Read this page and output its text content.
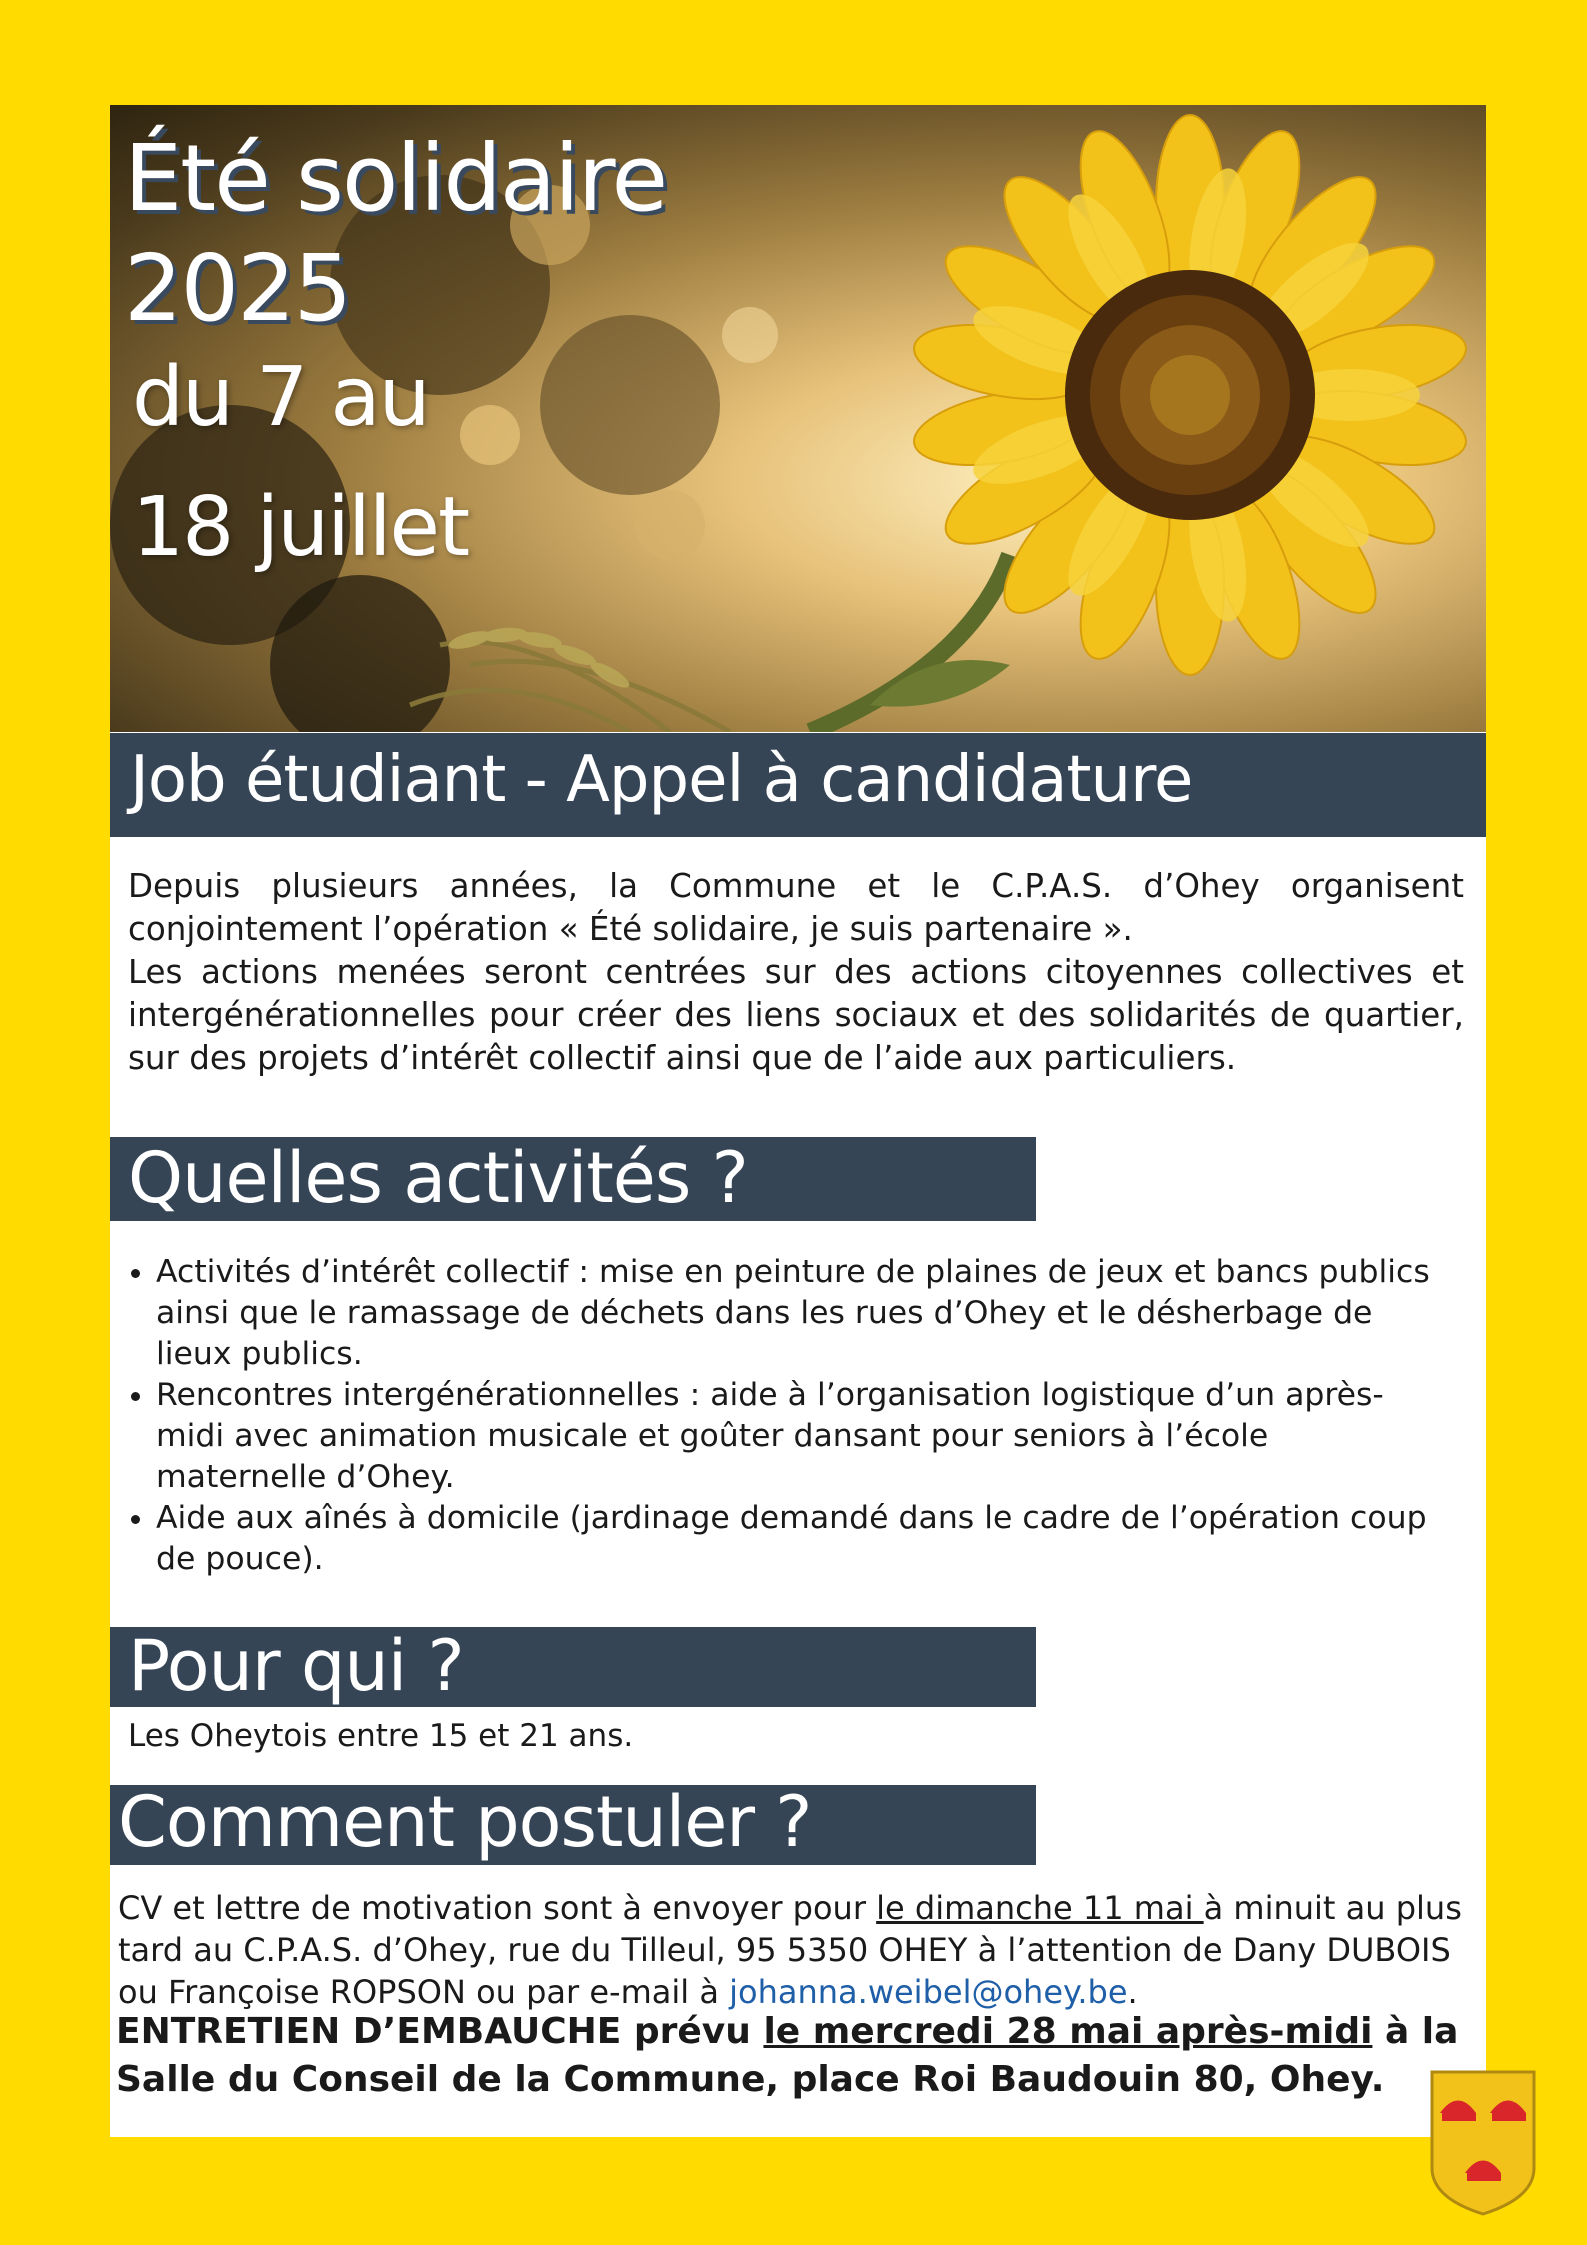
Été solidaire
2025
du 7 au
18 juillet
Job étudiant - Appel à candidature

Depuis plusieurs années, la Commune et le C.P.A.S. d’Ohey organisent conjointement l’opération « Été solidaire, je suis partenaire ».

Les actions menées seront centrées sur des actions citoyennes collectives et intergénérationnelles pour créer des liens sociaux et des solidarités de quartier, sur des projets d’intérêt collectif ainsi que de l’aide aux particuliers.

Quelles activités ?
• Activités d’intérêt collectif : mise en peinture de plaines de jeux et bancs publics ainsi que le ramassage de déchets dans les rues d’Ohey et le désherbage de lieux publics.
• Rencontres intergénérationnelles : aide à l’organisation logistique d’un après-midi avec animation musicale et goûter dansant pour seniors à l’école maternelle d’Ohey.
• Aide aux aînés à domicile (jardinage demandé dans le cadre de l’opération coup de pouce).
Pour qui ?
Les Oheytois entre 15 et 21 ans.
Comment postuler ?

CV et lettre de motivation sont à envoyer pour le dimanche 11 mai à minuit au plus tard au C.P.A.S. d’Ohey, rue du Tilleul, 95 5350 OHEY à l’attention de Dany DUBOIS ou Françoise ROPSON ou par e-mail à johanna.weibel@ohey.be.

ENTRETIEN D’EMBAUCHE prévu le mercredi 28 mai après-midi à la Salle du Conseil de la Commune, place Roi Baudouin 80, Ohey.
